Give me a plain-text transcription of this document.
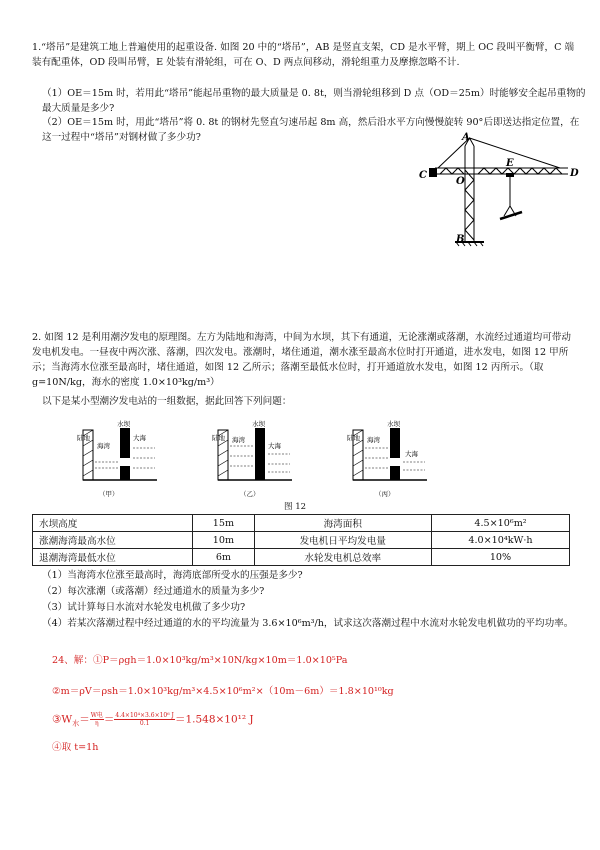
1.“塔吊”是建筑工地上普遍使用的起重设备. 如图 20 中的“塔吊”，AB 是竖直支架，CD 是水平臂，期上 OC 段叫平衡臂，C 端装有配重体，OD 段叫吊臂，E 处装有滑轮组，可在 O、D 两点间移动，滑轮组重力及摩擦忽略不计.

（1）OE＝15m 时，若用此“塔吊”能起吊重物的最大质量是 0. 8t，则当滑轮组移到 D 点（OD＝25m）时能够安全起吊重物的最大质量是多少?

（2）OE＝15m 时，用此“塔吊”将 0. 8t 的钢材先竖直匀速吊起 8m 高，然后沿水平方向慢慢旋转 90°后即送达指定位置，在这一过程中“塔吊”对钢材做了多少功?	A
C	D
E
O
B

2. 如图 12 是利用潮汐发电的原理图。左方为陆地和海湾，中间为水坝，其下有通道，无论涨潮或落潮，水流经过通道均可带动发电机发电。一昼夜中两次涨、落潮，四次发电。涨潮时，堵住通道，潮水涨至最高水位时打开通道，进水发电，如图 12 甲所示；当海湾水位涨至最高时，堵住通道，如图 12 乙所示；落潮至最低水位时，打开通道放水发电，如图 12 丙所示。（取 g=10N/kg，海水的密度 1.0×10³kg/m³）

以下是某小型潮汐发电站的一组数据，据此回答下列问题：

陆地
海湾
水坝
大海
（甲）
陆地 海湾
水坝
大海
（乙）
陆地 海湾
水坝
大海
（丙）
图 12
水坝高度	15m	海湾面积	4.5×10⁶m²
涨潮海湾最高水位	10m	发电机日平均发电量	4.0×10⁴kW·h
退潮海湾最低水位	6m	水轮发电机总效率	10%

（1）当海湾水位涨至最高时，海湾底部所受水的压强是多少?

（2）每次涨潮（或落潮）经过通道水的质量为多少?

（3）试计算每日水流对水轮发电机做了多少功?

（4）若某次落潮过程中经过通道的水的平均流量为 3.6×10⁶m³/h，试求这次落潮过程中水流对水轮发电机做功的平均功率。

24、解：①P＝ρgh＝1.0×10³kg/m³×10N/kg×10m＝1.0×10⁵Pa

②m＝ρV＝ρsh＝1.0×10³kg/m³×4.5×10⁶m²×（10m－6m）＝1.8×10¹⁰kg

$③W_水= \frac{\text{W电}}{\eta} = \frac{\text{4.4×10⁴×3.6×10⁶ J}}{0.1} =1.548\times 10^{12}$ J

④取 t=1h
